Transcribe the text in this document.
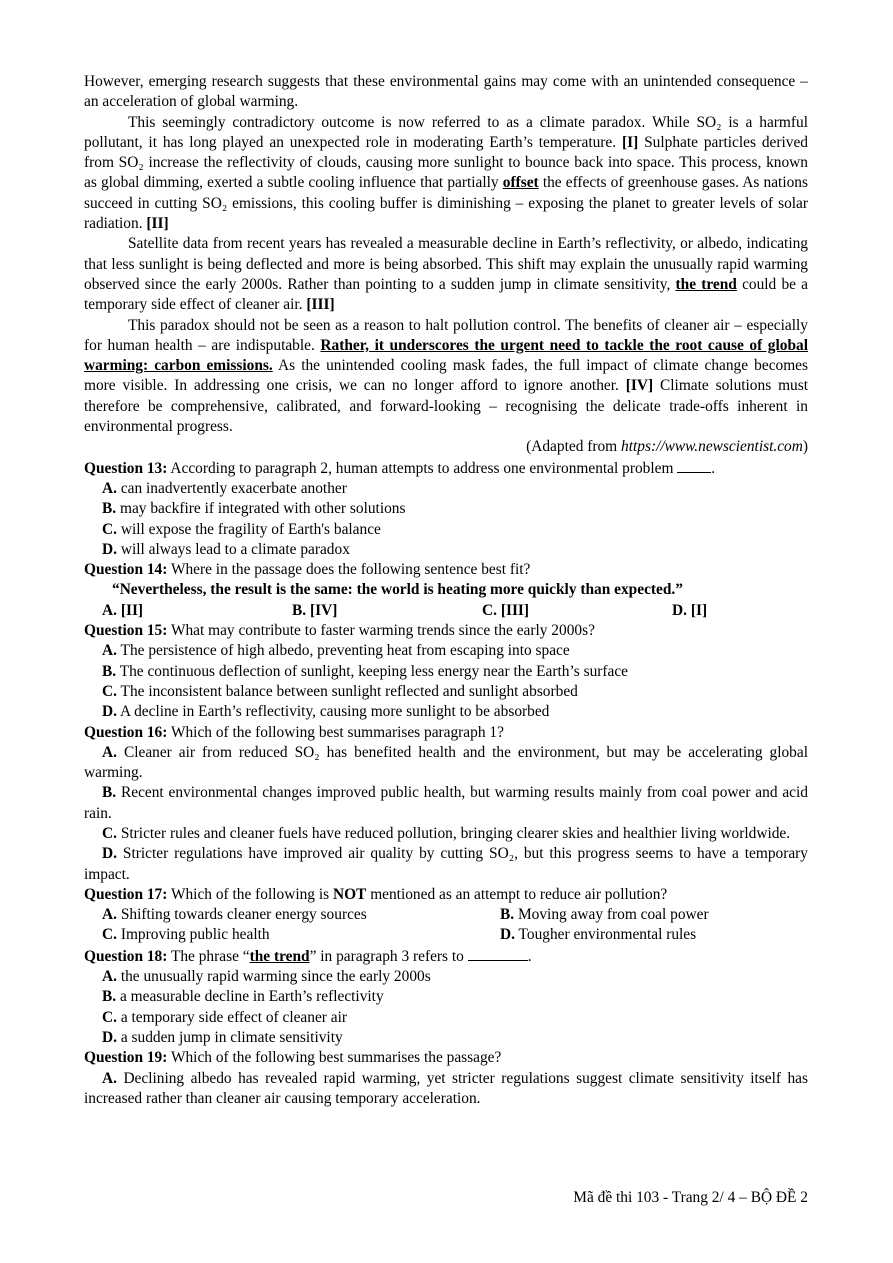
However, emerging research suggests that these environmental gains may come with an unintended consequence – an acceleration of global warming.

This seemingly contradictory outcome is now referred to as a climate paradox. While SO₂ is a harmful pollutant, it has long played an unexpected role in moderating Earth’s temperature. [I] Sulphate particles derived from SO₂ increase the reflectivity of clouds, causing more sunlight to bounce back into space. This process, known as global dimming, exerted a subtle cooling influence that partially offset the effects of greenhouse gases. As nations succeed in cutting SO₂ emissions, this cooling buffer is diminishing – exposing the planet to greater levels of solar radiation. [II]

Satellite data from recent years has revealed a measurable decline in Earth’s reflectivity, or albedo, indicating that less sunlight is being deflected and more is being absorbed. This shift may explain the unusually rapid warming observed since the early 2000s. Rather than pointing to a sudden jump in climate sensitivity, the trend could be a temporary side effect of cleaner air. [III]

This paradox should not be seen as a reason to halt pollution control. The benefits of cleaner air – especially for human health – are indisputable. Rather, it underscores the urgent need to tackle the root cause of global warming: carbon emissions. As the unintended cooling mask fades, the full impact of climate change becomes more visible. In addressing one crisis, we can no longer afford to ignore another. [IV] Climate solutions must therefore be comprehensive, calibrated, and forward-looking – recognising the delicate trade-offs inherent in environmental progress.

(Adapted from https://www.newscientist.com)

Question 13: According to paragraph 2, human attempts to address one environmental problem .
A. can inadvertently exacerbate another
B. may backfire if integrated with other solutions
C. will expose the fragility of Earth's balance
D. will always lead to a climate paradox
Question 14: Where in the passage does the following sentence best fit?
“Nevertheless, the result is the same: the world is heating more quickly than expected.”
A. [II]	B. [IV]	C. [III]	D. [I]
Question 15: What may contribute to faster warming trends since the early 2000s?
A. The persistence of high albedo, preventing heat from escaping into space
B. The continuous deflection of sunlight, keeping less energy near the Earth’s surface
C. The inconsistent balance between sunlight reflected and sunlight absorbed
D. A decline in Earth’s reflectivity, causing more sunlight to be absorbed
Question 16: Which of the following best summarises paragraph 1?

A. Cleaner air from reduced SO₂ has benefited health and the environment, but may be accelerating global warming.

B. Recent environmental changes improved public health, but warming results mainly from coal power and acid rain.

C. Stricter rules and cleaner fuels have reduced pollution, bringing clearer skies and healthier living worldwide.

D. Stricter regulations have improved air quality by cutting SO₂, but this progress seems to have a temporary impact.

Question 17: Which of the following is NOT mentioned as an attempt to reduce air pollution?
A. Shifting towards cleaner energy sources	B. Moving away from coal power
C. Improving public health	D. Tougher environmental rules
Question 18: The phrase “the trend” in paragraph 3 refers to	.
A. the unusually rapid warming since the early 2000s
B. a measurable decline in Earth’s reflectivity
C. a temporary side effect of cleaner air
D. a sudden jump in climate sensitivity
Question 19: Which of the following best summarises the passage?

A. Declining albedo has revealed rapid warming, yet stricter regulations suggest climate sensitivity itself has increased rather than cleaner air causing temporary acceleration.

Mã đề thi 103 - Trang 2/ 4 – BỘ ĐỀ 2
